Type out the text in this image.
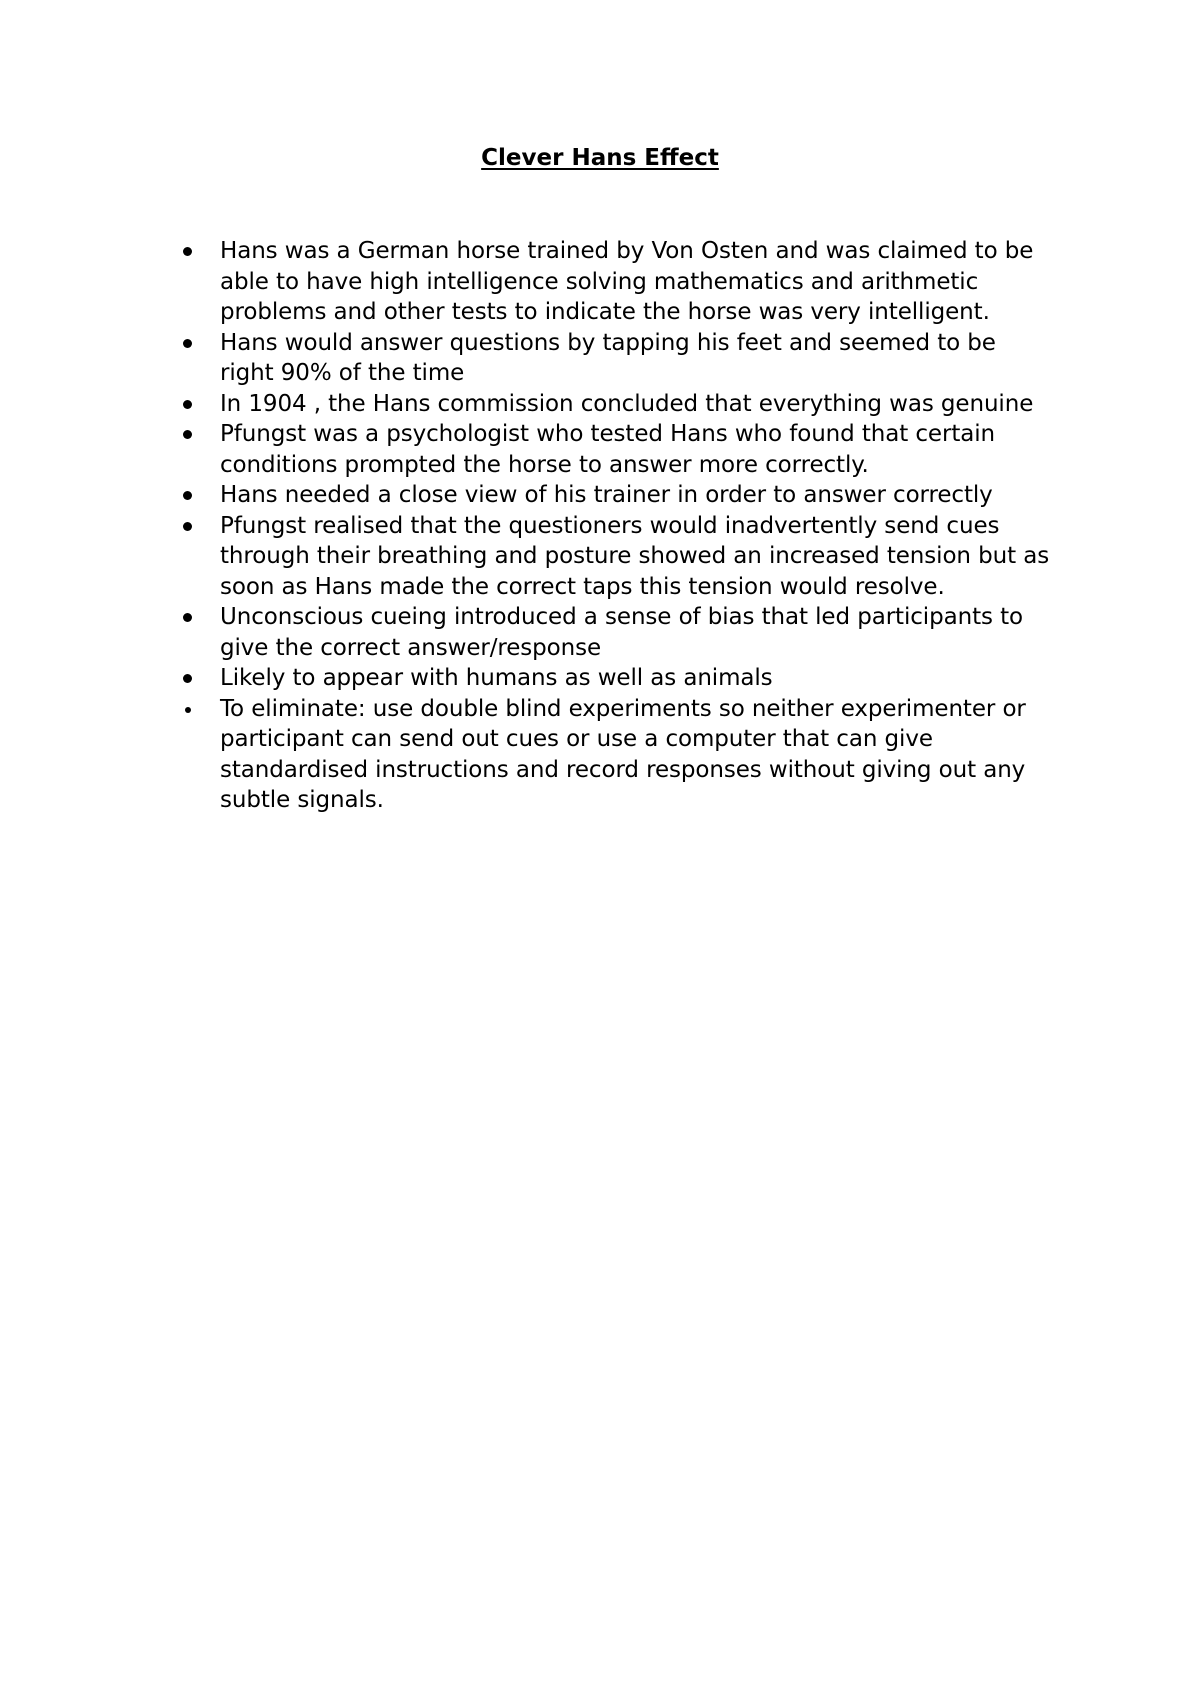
Clever Hans Effect
Hans was a German horse trained by Von Osten and was claimed to be able to have high intelligence solving mathematics and arithmetic problems and other tests to indicate the horse was very intelligent.
Hans would answer questions by tapping his feet and seemed to be right 90% of the time
In 1904 , the Hans commission concluded that everything was genuine
Pfungst was a psychologist who tested Hans who found that certain conditions prompted the horse to answer more correctly.
Hans needed a close view of his trainer in order to answer correctly
Pfungst realised that the questioners would inadvertently send cues through their breathing and posture showed an increased tension but as soon as Hans made the correct taps this tension would resolve.
Unconscious cueing introduced a sense of bias that led participants to give the correct answer/response
Likely to appear with humans as well as animals
To eliminate: use double blind experiments so neither experimenter or participant can send out cues or use a computer that can give standardised instructions and record responses without giving out any subtle signals.
